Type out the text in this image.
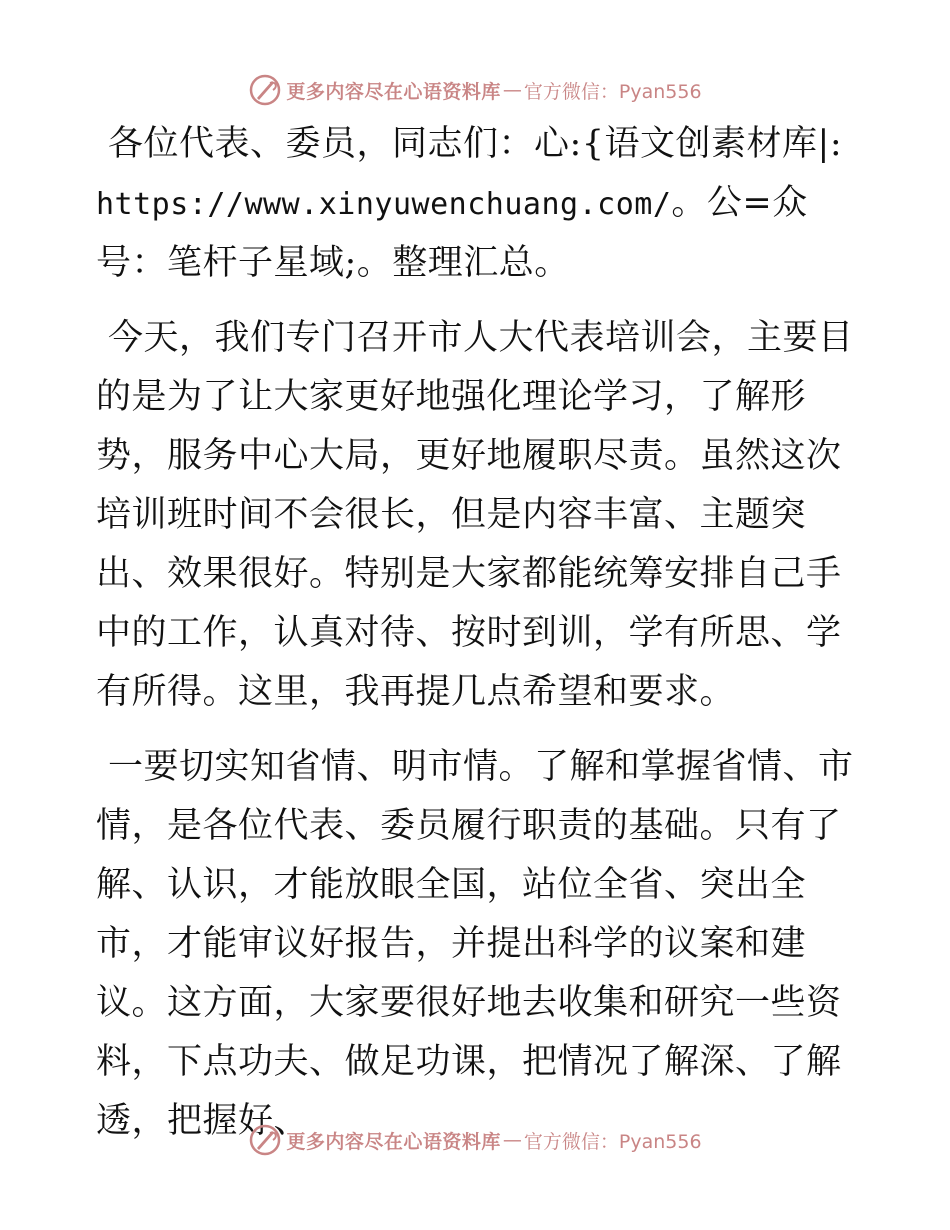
更多内容尽在心语资料库 — 官方微信：Pyan556

各位代表、委员，同志们：心:{语文创素材库|:https://www.xinyuwenchuang.com/。公=众号：笔杆子星域;。整理汇总。

今天，我们专门召开市人大代表培训会，主要目的是为了让大家更好地强化理论学习，了解形势，服务中心大局，更好地履职尽责。虽然这次培训班时间不会很长，但是内容丰富、主题突出、效果很好。特别是大家都能统筹安排自己手中的工作，认真对待、按时到训，学有所思、学有所得。这里，我再提几点希望和要求。

一要切实知省情、明市情。了解和掌握省情、市情，是各位代表、委员履行职责的基础。只有了解、认识，才能放眼全国，站位全省、突出全市，才能审议好报告，并提出科学的议案和建议。这方面，大家要很好地去收集和研究一些资料，下点功夫、做足功课，把情况了解深、了解透，把握好、

更多内容尽在心语资料库 — 官方微信：Pyan556
